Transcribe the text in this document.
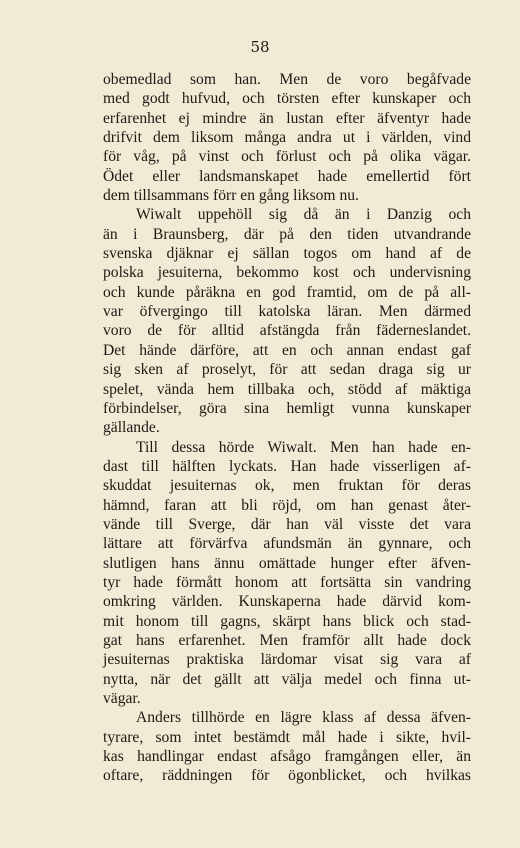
58
obemedlad som han. Men de voro begåfvade
med godt hufvud, och törsten efter kunskaper och
erfarenhet ej mindre än lustan efter äfventyr hade
drifvit dem liksom många andra ut i världen, vind
för våg, på vinst och förlust och på olika vägar.
Ödet eller landsmanskapet hade emellertid fört
dem tillsammans förr en gång liksom nu.
Wiwalt uppehöll sig då än i Danzig och
än i Braunsberg, där på den tiden utvandrande
svenska djäknar ej sällan togos om hand af de
polska jesuiterna, bekommo kost och undervisning
och kunde påräkna en god framtid, om de på all-
var öfvergingo till katolska läran. Men därmed
voro de för alltid afstängda från fäderneslandet.
Det hände därföre, att en och annan endast gaf
sig sken af proselyt, för att sedan draga sig ur
spelet, vända hem tillbaka och, stödd af mäktiga
förbindelser, göra sina hemligt vunna kunskaper
gällande.
Till dessa hörde Wiwalt. Men han hade en-
dast till hälften lyckats. Han hade visserligen af-
skuddat jesuiternas ok, men fruktan för deras
hämnd, faran att bli röjd, om han genast åter-
vände till Sverge, där han väl visste det vara
lättare att förvärfva afundsmän än gynnare, och
slutligen hans ännu omättade hunger efter äfven-
tyr hade förmått honom att fortsätta sin vandring
omkring världen. Kunskaperna hade därvid kom-
mit honom till gagns, skärpt hans blick och stad-
gat hans erfarenhet. Men framför allt hade dock
jesuiternas praktiska lärdomar visat sig vara af
nytta, när det gällt att välja medel och finna ut-
vägar.
Anders tillhörde en lägre klass af dessa äfven-
tyrare, som intet bestämdt mål hade i sikte, hvil-
kas handlingar endast afsågo framgången eller, än
oftare, räddningen för ögonblicket, och hvilkas
